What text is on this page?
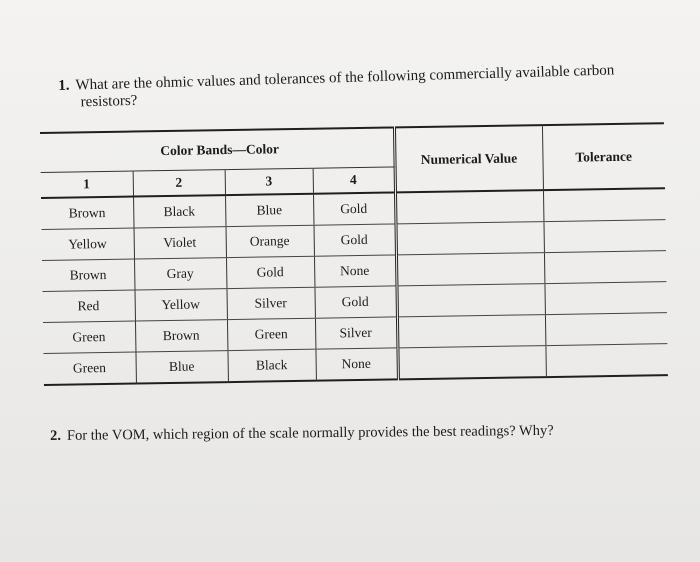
1. What are the ohmic values and tolerances of the following commercially available carbon
resistors?
	Color Bands—Color			Numerical Value	Tolerance
1	2	3	4		
Brown	Black	Blue	Gold		
Yellow	Violet	Orange	Gold		
Brown	Gray	Gold	None		
Red	Yellow	Silver	Gold		
Green	Brown	Green	Silver		
Green	Blue	Black	None		
2. For the VOM, which region of the scale normally provides the best readings? Why?
